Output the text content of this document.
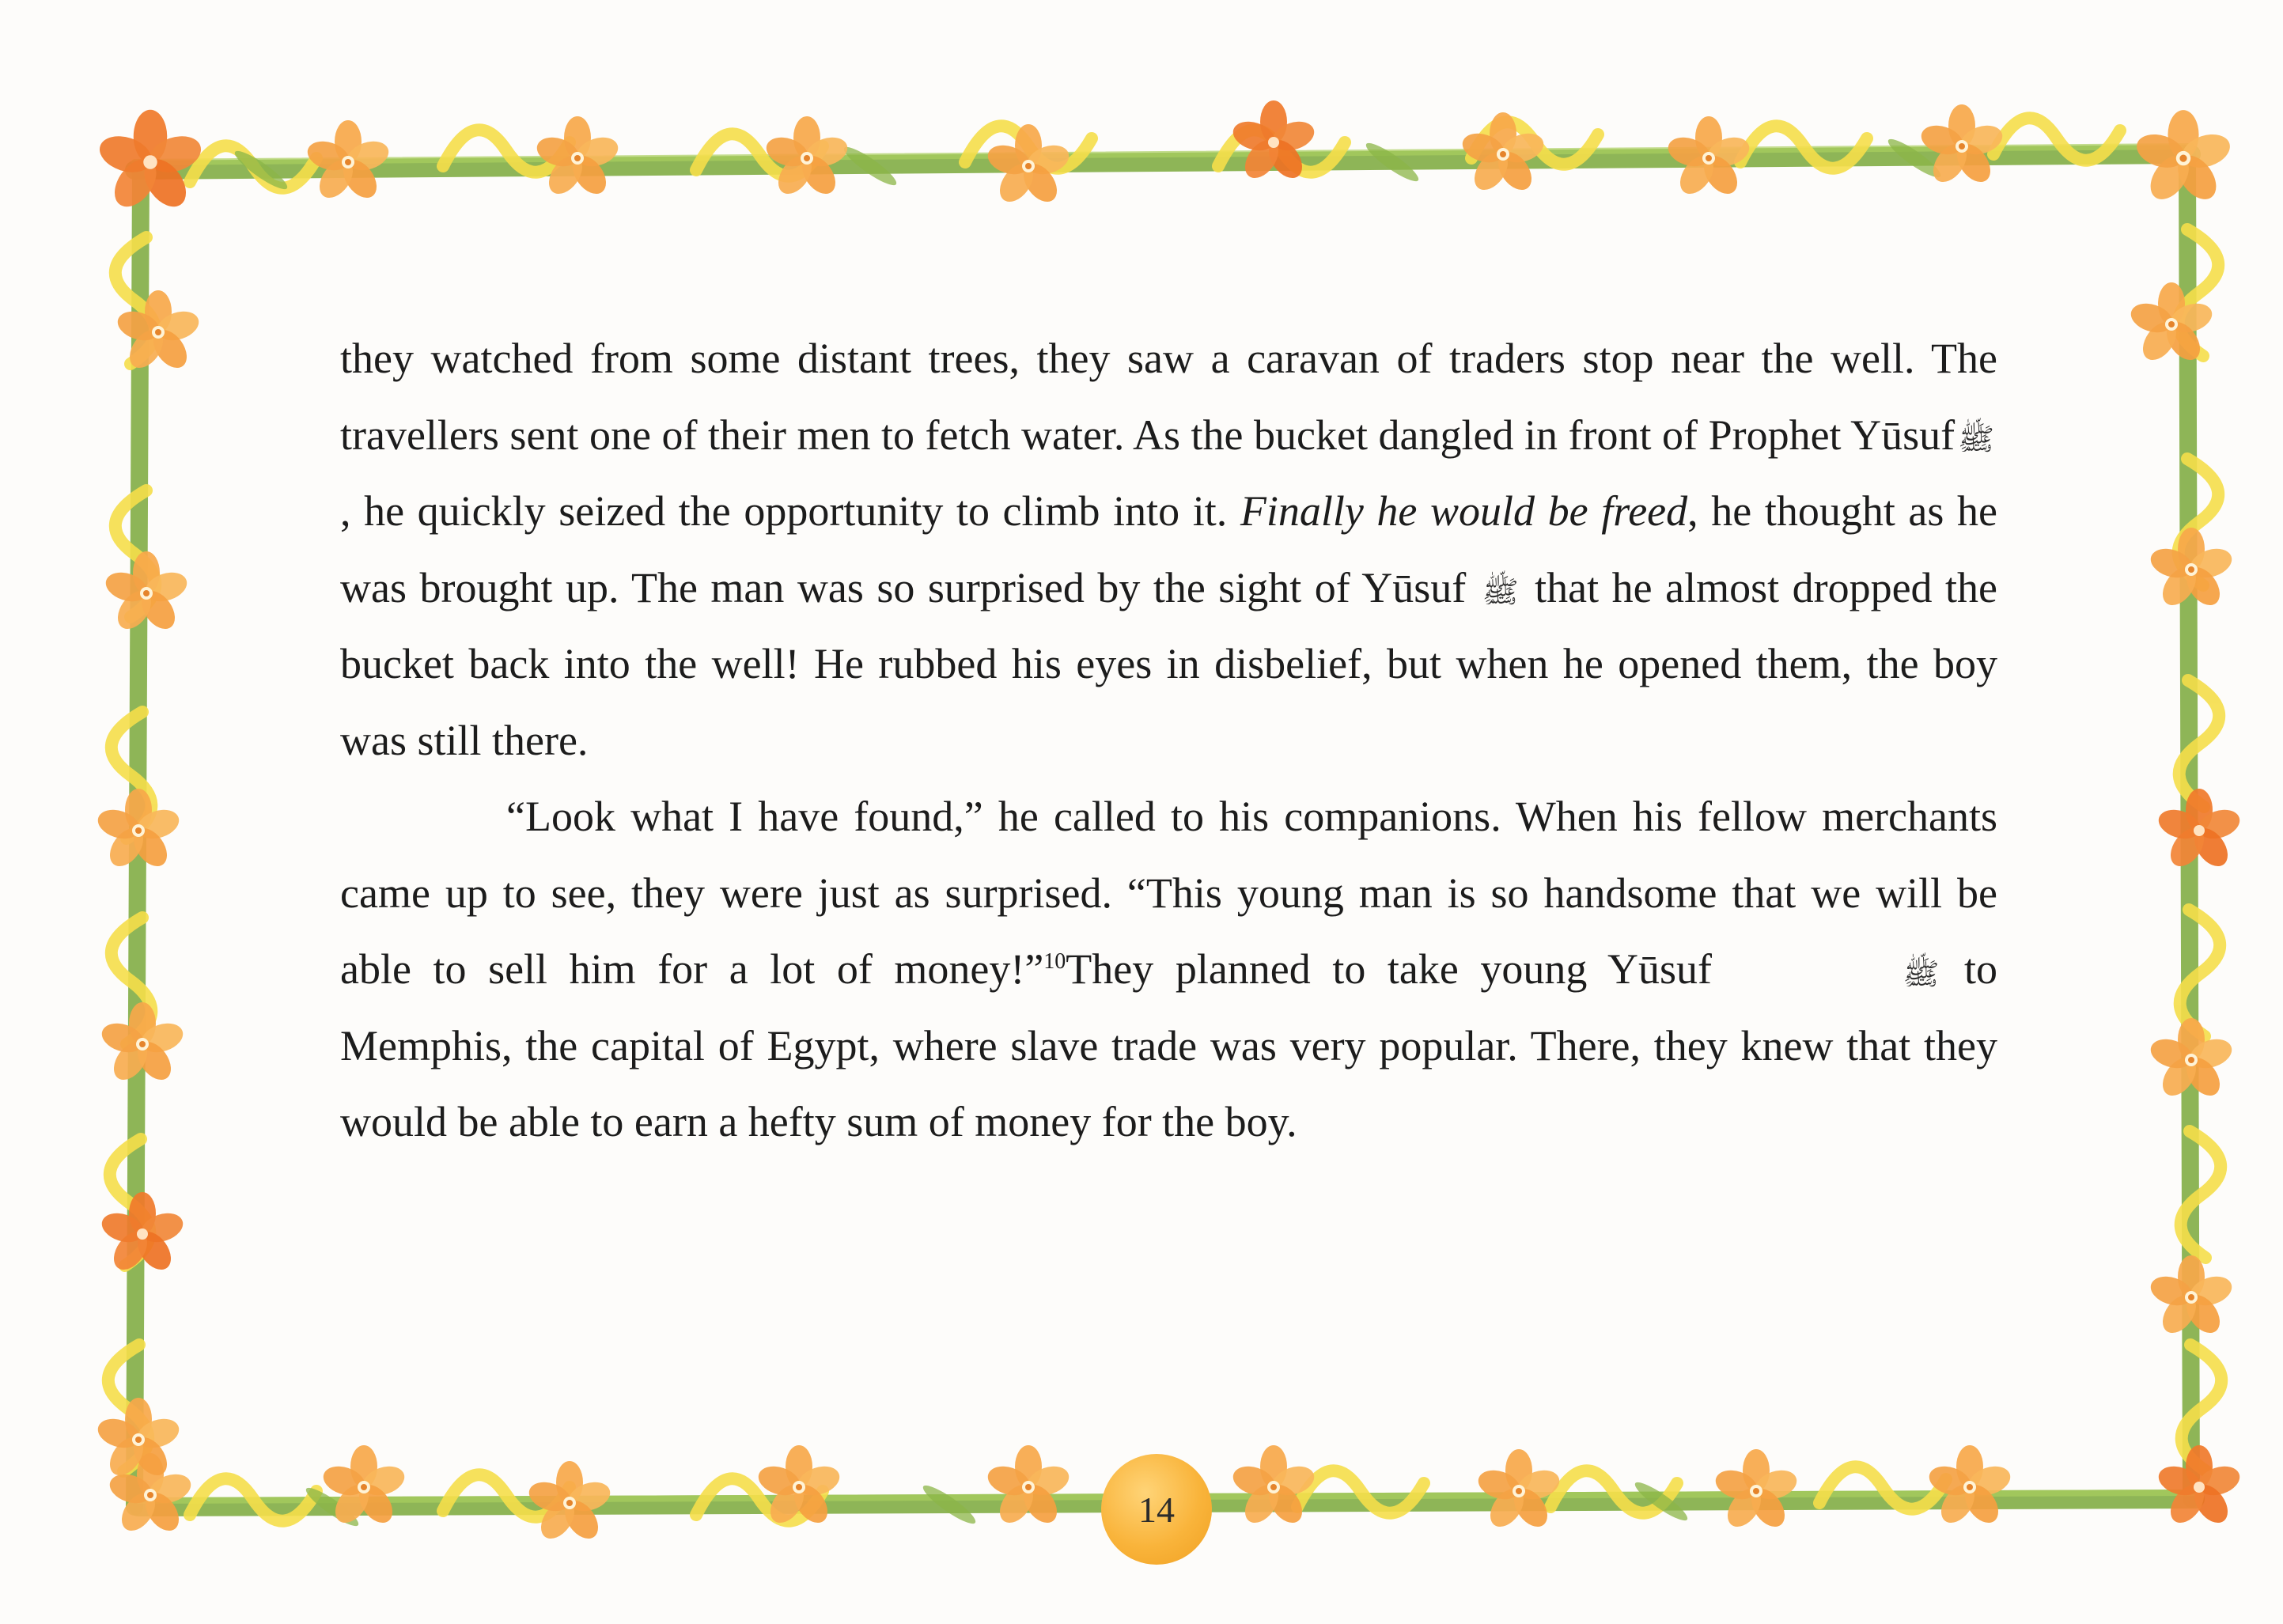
they watched from some distant trees, they saw a caravan of traders stop near the well. The travellers sent one of their men to fetch water. As the bucket dangled in front of Prophet Yūsuf ﷺ, he quickly seized the opportunity to climb into it. Finally he would be freed, he thought as he was brought up. The man was so surprised by the sight of Yūsuf ﷺ that he almost dropped the bucket back into the well! He rubbed his eyes in disbelief, but when he opened them, the boy was still there.

“Look what I have found,” he called to his companions. When his fellow merchants came up to see, they were just as surprised. “This young man is so handsome that we will be able to sell him for a lot of money!”$^{10}$They planned to take young Yūsuf	ﷺ to Memphis, the capital of Egypt, where slave trade was very popular. There, they knew that they would be able to earn a hefty sum of money for the boy.

14
